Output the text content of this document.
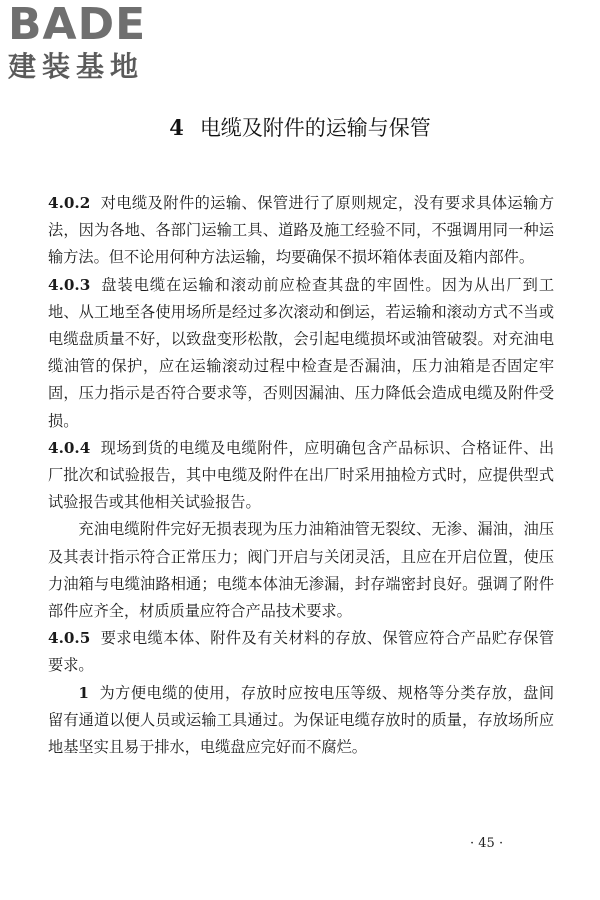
BADE
建装基地
4 电缆及附件的运输与保管

4.0.2 对电缆及附件的运输、保管进行了原则规定，没有要求具体运输方法，因为各地、各部门运输工具、道路及施工经验不同，不强调用同一种运输方法。但不论用何种方法运输，均要确保不损坏箱体表面及箱内部件。

4.0.3 盘装电缆在运输和滚动前应检查其盘的牢固性。因为从出厂到工地、从工地至各使用场所是经过多次滚动和倒运，若运输和滚动方式不当或电缆盘质量不好，以致盘变形松散，会引起电缆损坏或油管破裂。对充油电缆油管的保护，应在运输滚动过程中检查是否漏油，压力油箱是否固定牢固，压力指示是否符合要求等，否则因漏油、压力降低会造成电缆及附件受损。

4.0.4 现场到货的电缆及电缆附件，应明确包含产品标识、合格证件、出厂批次和试验报告，其中电缆及附件在出厂时采用抽检方式时，应提供型式试验报告或其他相关试验报告。

充油电缆附件完好无损表现为压力油箱油管无裂纹、无渗、漏油，油压及其表计指示符合正常压力；阀门开启与关闭灵活，且应在开启位置，使压力油箱与电缆油路相通；电缆本体油无渗漏，封存端密封良好。强调了附件部件应齐全，材质质量应符合产品技术要求。

4.0.5 要求电缆本体、附件及有关材料的存放、保管应符合产品贮存保管要求。

1 为方便电缆的使用，存放时应按电压等级、规格等分类存放，盘间留有通道以便人员或运输工具通过。为保证电缆存放时的质量，存放场所应地基坚实且易于排水，电缆盘应完好而不腐烂。

· 45 ·
